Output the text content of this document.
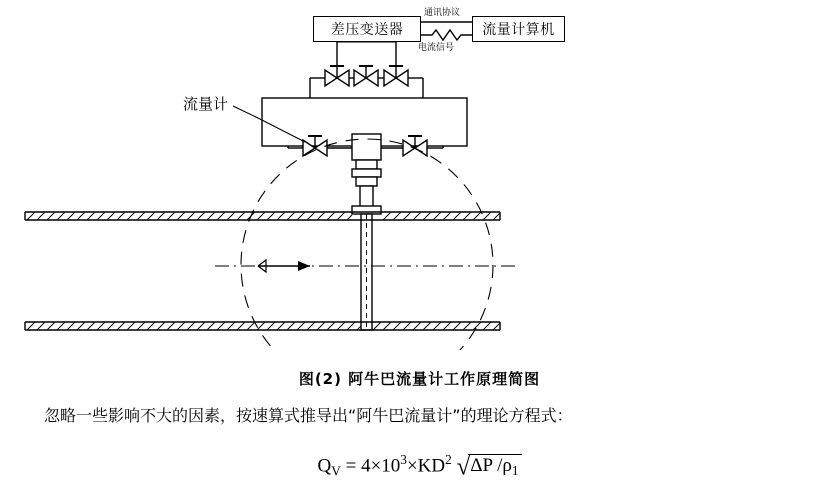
差压变送器	流量计算机
通讯协议
电流信号
流量计
图(2) 阿牛巴流量计工作原理简图
忽略一些影响不大的因素，按速算式推导出“阿牛巴流量计”的理论方程式：
$Q_V = 4\times 10^3\times KD^2$ √ΔP $/\rho_1$
